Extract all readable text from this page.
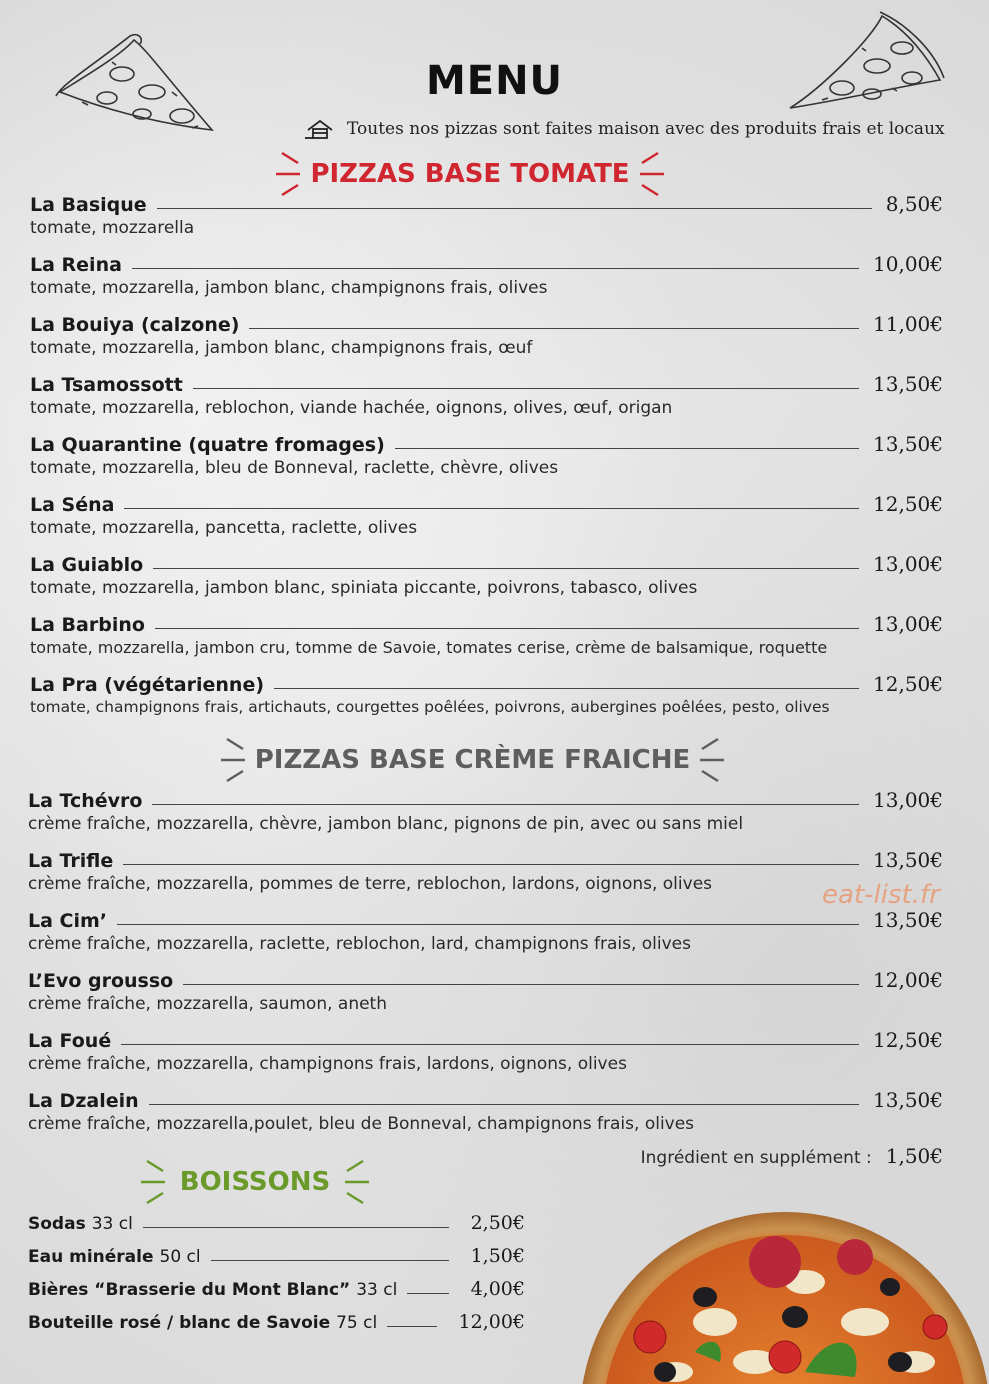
MENU
Toutes nos pizzas sont faites maison avec des produits frais et locaux
PIZZAS BASE TOMATE
La Basique	8,50€
tomate, mozzarella
La Reina	10,00€
tomate, mozzarella, jambon blanc, champignons frais, olives
La Bouiya (calzone)	11,00€
tomate, mozzarella, jambon blanc, champignons frais, œuf
La Tsamossott	13,50€
tomate, mozzarella, reblochon, viande hachée, oignons, olives, œuf, origan
La Quarantine (quatre fromages)	13,50€
tomate, mozzarella, bleu de Bonneval, raclette, chèvre, olives
La Séna	12,50€
tomate, mozzarella, pancetta, raclette, olives
La Guiablo	13,00€
tomate, mozzarella, jambon blanc, spiniata piccante, poivrons, tabasco, olives
La Barbino	13,00€
tomate, mozzarella, jambon cru, tomme de Savoie, tomates cerise, crème de balsamique, roquette
La Pra (végétarienne)	12,50€
tomate, champignons frais, artichauts, courgettes poêlées, poivrons, aubergines poêlées, pesto, olives
PIZZAS BASE CRÈME FRAICHE
La Tchévro	13,00€
crème fraîche, mozzarella, chèvre, jambon blanc, pignons de pin, avec ou sans miel
La Trifle	13,50€
crème fraîche, mozzarella, pommes de terre, reblochon, lardons, oignons, olives
La Cim’	13,50€
crème fraîche, mozzarella, raclette, reblochon, lard, champignons frais, olives
L’Evo grousso	12,00€
crème fraîche, mozzarella, saumon, aneth
La Foué	12,50€
crème fraîche, mozzarella, champignons frais, lardons, oignons, olives
La Dzalein	13,50€
crème fraîche, mozzarella,poulet, bleu de Bonneval, champignons frais, olives
eat-list.fr
Ingrédient en supplément : 1,50€
BOISSONS
Sodas 33 cl	2,50€
Eau minérale 50 cl	1,50€
Bières “Brasserie du Mont Blanc” 33 cl	4,00€
Bouteille rosé / blanc de Savoie 75 cl	12,00€
